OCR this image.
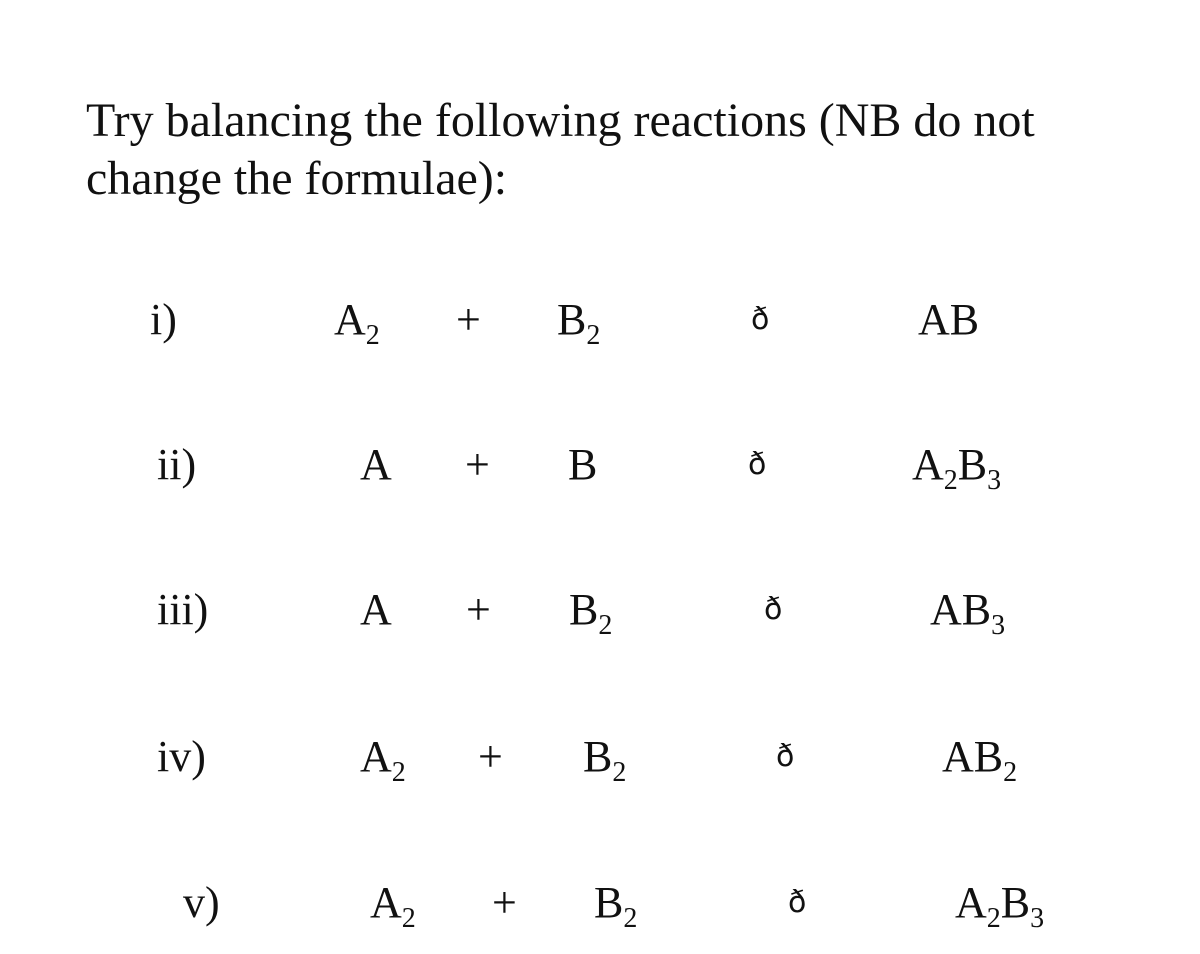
Try balancing the following reactions (NB do not
change the formulae):
i)	$A_2 + B_2$	ð	AB
ii)	A + B	ð	$A_2B_3$
iii)	$A + B_2$	ð	$AB_3$
iv)	$A_2 + B_2$	ð	$AB_2$
v)	$A_2 + B_2$	ð	$A_2B_3$
